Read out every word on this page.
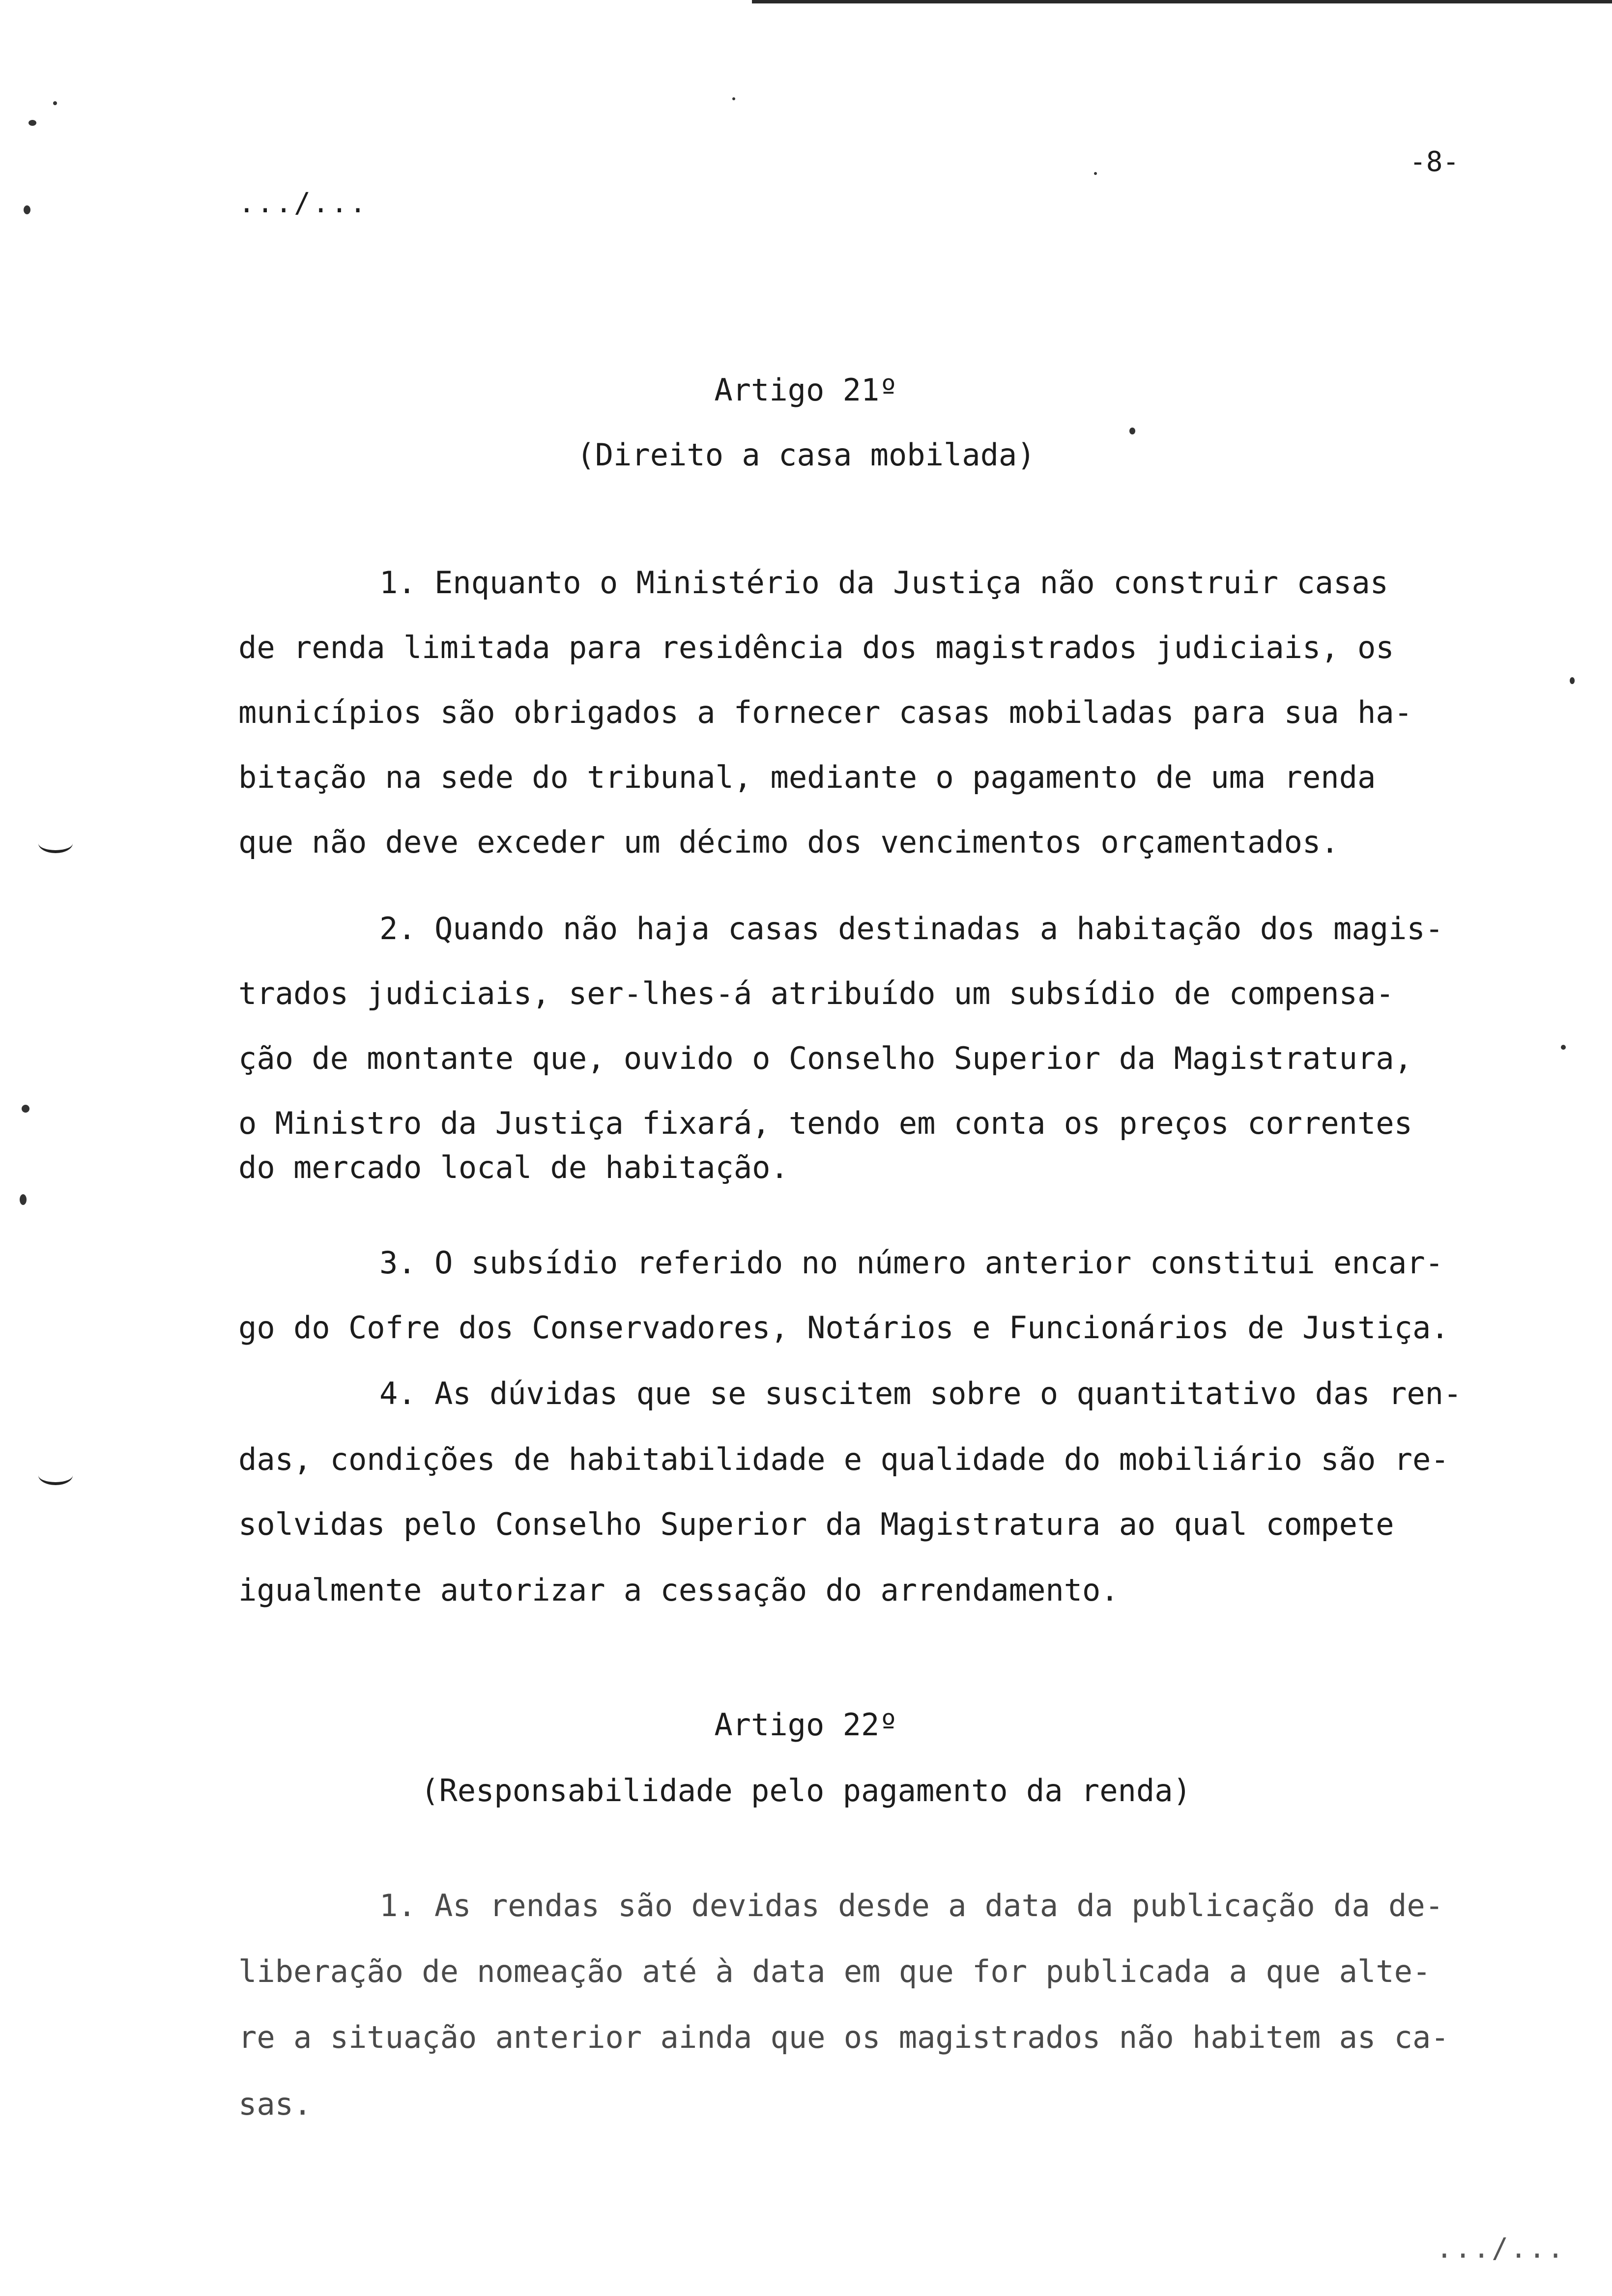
-8-
.../...
Artigo 21º
(Direito a casa mobilada)
1. Enquanto o Ministério da Justiça não construir casas
de renda limitada para residência dos magistrados judiciais, os
municípios são obrigados a fornecer casas mobiladas para sua ha-
bitação na sede do tribunal, mediante o pagamento de uma renda
que não deve exceder um décimo dos vencimentos orçamentados.
2. Quando não haja casas destinadas a habitação dos magis-
trados judiciais, ser-lhes-á atribuído um subsídio de compensa-
ção de montante que, ouvido o Conselho Superior da Magistratura,
o Ministro da Justiça fixará, tendo em conta os preços correntes
do mercado local de habitação.
3. O subsídio referido no número anterior constitui encar-
go do Cofre dos Conservadores, Notários e Funcionários de Justiça.
4. As dúvidas que se suscitem sobre o quantitativo das ren-
das, condições de habitabilidade e qualidade do mobiliário são re-
solvidas pelo Conselho Superior da Magistratura ao qual compete
igualmente autorizar a cessação do arrendamento.
Artigo 22º
(Responsabilidade pelo pagamento da renda)
1. As rendas são devidas desde a data da publicação da de-
liberação de nomeação até à data em que for publicada a que alte-
re a situação anterior ainda que os magistrados não habitem as ca-
sas.
.../...
